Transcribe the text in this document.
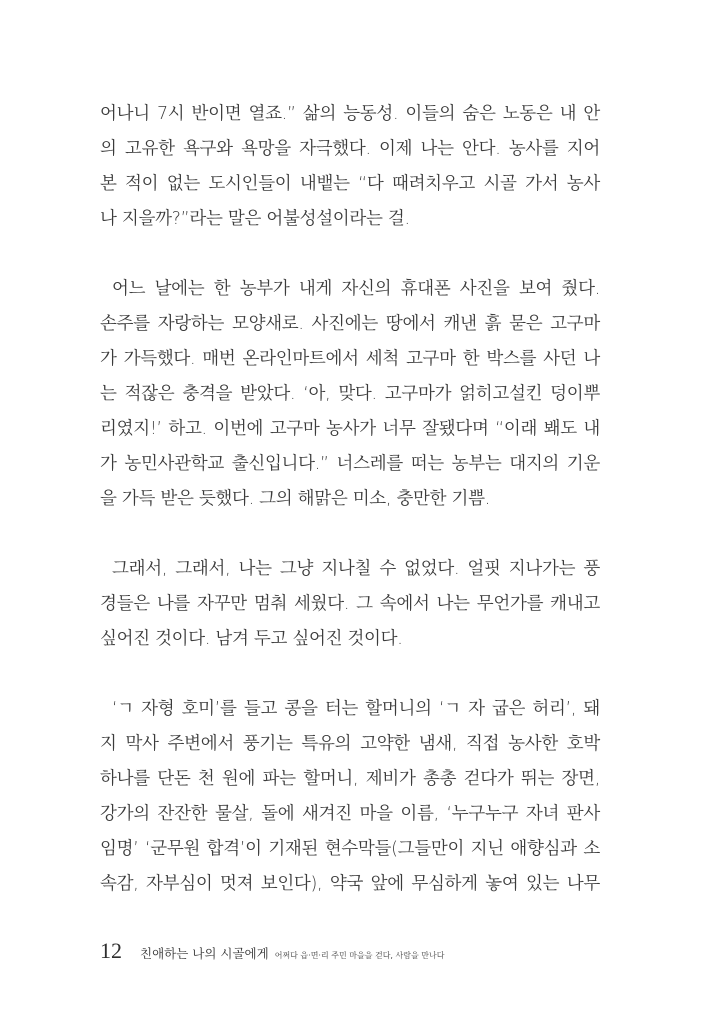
어나니 7시 반이면 열죠.” 삶의 능동성. 이들의 숨은 노동은 내 안
의 고유한 욕구와 욕망을 자극했다. 이제 나는 안다. 농사를 지어
본 적이 없는 도시인들이 내뱉는 “다 때려치우고 시골 가서 농사
나 지을까?”라는 말은 어불성설이라는 걸.
어느 날에는 한 농부가 내게 자신의 휴대폰 사진을 보여 줬다.
손주를 자랑하는 모양새로. 사진에는 땅에서 캐낸 흙 묻은 고구마
가 가득했다. 매번 온라인마트에서 세척 고구마 한 박스를 사던 나
는 적잖은 충격을 받았다. ‘아, 맞다. 고구마가 얽히고설킨 덩이뿌
리였지!’ 하고. 이번에 고구마 농사가 너무 잘됐다며 “이래 봬도 내
가 농민사관학교 출신입니다.” 너스레를 떠는 농부는 대지의 기운
을 가득 받은 듯했다. 그의 해맑은 미소, 충만한 기쁨.
그래서, 그래서, 나는 그냥 지나칠 수 없었다. 얼핏 지나가는 풍
경들은 나를 자꾸만 멈춰 세웠다. 그 속에서 나는 무언가를 캐내고
싶어진 것이다. 남겨 두고 싶어진 것이다.
‘ㄱ 자형 호미’를 들고 콩을 터는 할머니의 ‘ㄱ 자 굽은 허리’, 돼
지 막사 주변에서 풍기는 특유의 고약한 냄새, 직접 농사한 호박
하나를 단돈 천 원에 파는 할머니, 제비가 총총 걷다가 뛰는 장면,
강가의 잔잔한 물살, 돌에 새겨진 마을 이름, ‘누구누구 자녀 판사
임명’ ‘군무원 합격’이 기재된 현수막들(그들만이 지닌 애향심과 소
속감, 자부심이 멋져 보인다), 약국 앞에 무심하게 놓여 있는 나무
12 친애하는 나의 시골에게 어쩌다 읍·면·리 주민 마을을 걷다, 사람을 만나다
